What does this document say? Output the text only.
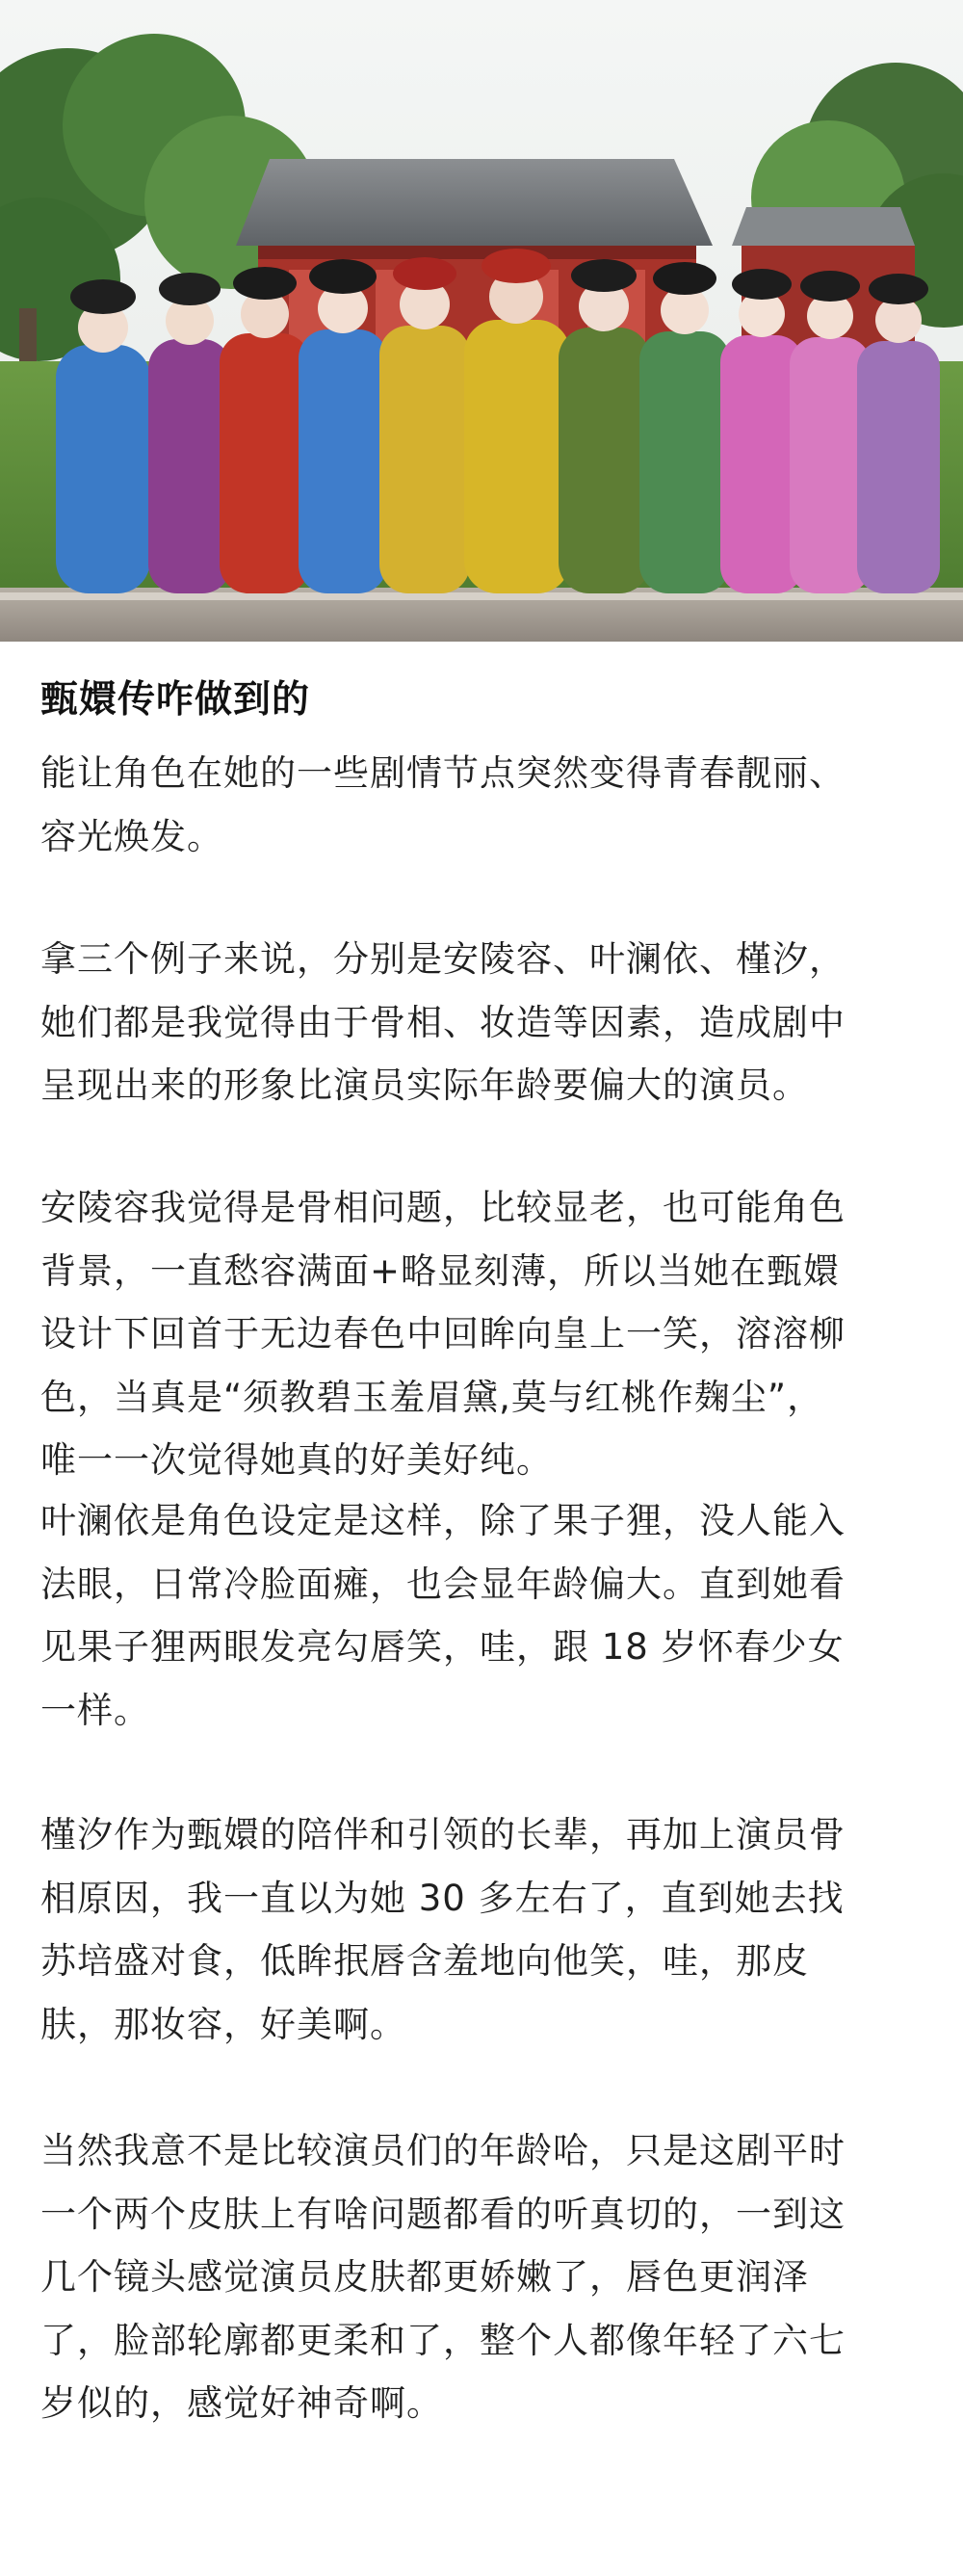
甄嬛传咋做到的

能让角色在她的一些剧情节点突然变得青春靓丽、
容光焕发。

拿三个例子来说，分别是安陵容、叶澜依、槿汐，
她们都是我觉得由于骨相、妆造等因素，造成剧中
呈现出来的形象比演员实际年龄要偏大的演员。

安陵容我觉得是骨相问题，比较显老，也可能角色
背景，一直愁容满面+略显刻薄，所以当她在甄嬛
设计下回首于无边春色中回眸向皇上一笑，溶溶柳
色，当真是“须教碧玉羞眉黛,莫与红桃作麹尘”，
唯一一次觉得她真的好美好纯。

叶澜依是角色设定是这样，除了果子狸，没人能入
法眼，日常冷脸面瘫，也会显年龄偏大。直到她看
见果子狸两眼发亮勾唇笑，哇，跟 18 岁怀春少女
一样。

槿汐作为甄嬛的陪伴和引领的长辈，再加上演员骨
相原因，我一直以为她 30 多左右了，直到她去找
苏培盛对食，低眸抿唇含羞地向他笑，哇，那皮
肤，那妆容，好美啊。

当然我意不是比较演员们的年龄哈，只是这剧平时
一个两个皮肤上有啥问题都看的听真切的，一到这
几个镜头感觉演员皮肤都更娇嫩了，唇色更润泽
了，脸部轮廓都更柔和了，整个人都像年轻了六七
岁似的，感觉好神奇啊。
